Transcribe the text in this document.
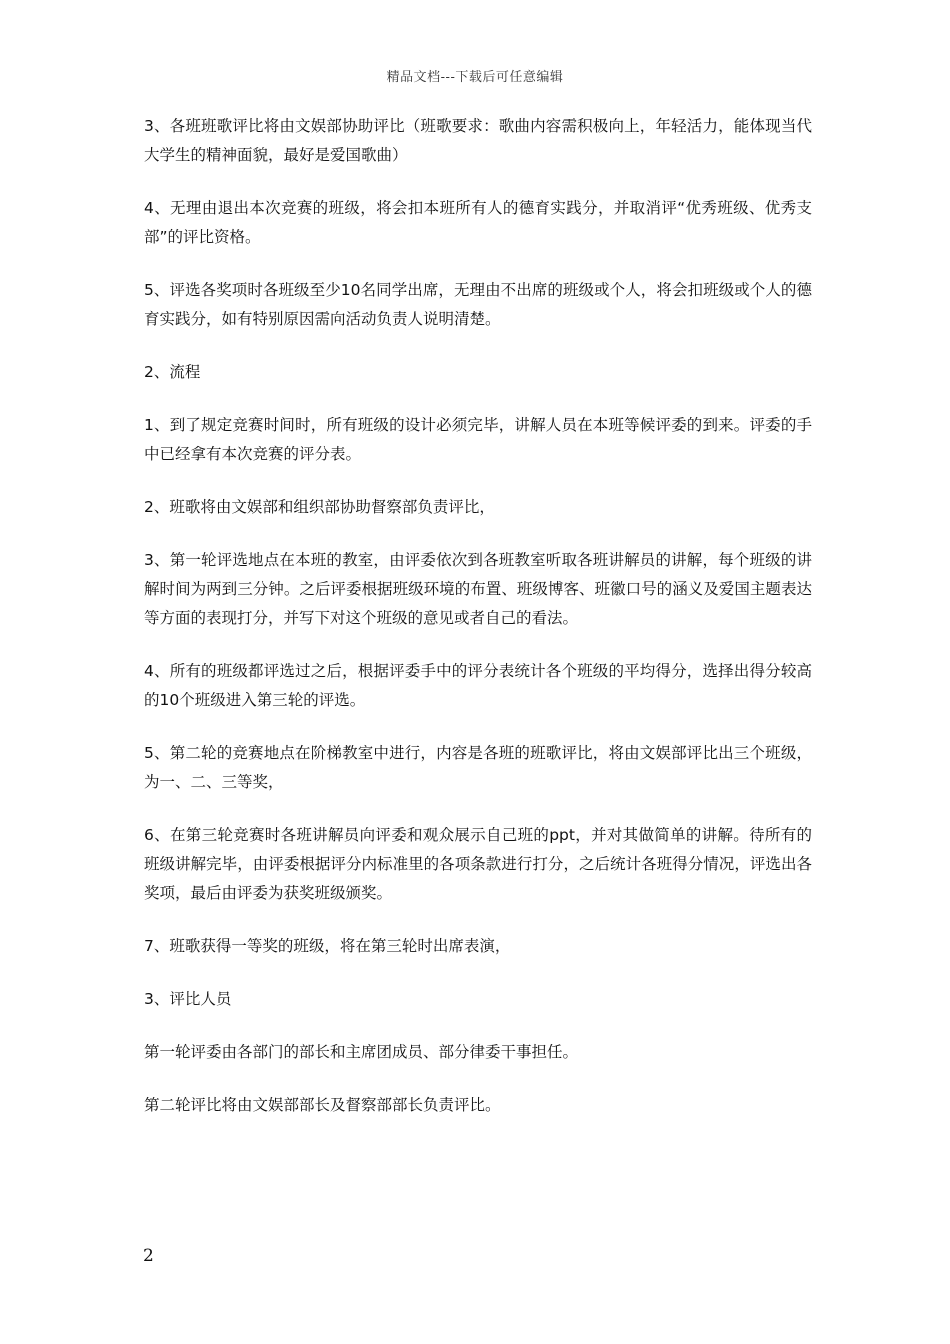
精品文档---下载后可任意编辑

3、各班班歌评比将由文娱部协助评比（班歌要求：歌曲内容需积极向上，年轻活力，能体现当代大学生的精神面貌，最好是爱国歌曲）

4、无理由退出本次竞赛的班级，将会扣本班所有人的德育实践分，并取消评“优秀班级、优秀支部”的评比资格。

5、评选各奖项时各班级至少10名同学出席，无理由不出席的班级或个人，将会扣班级或个人的德育实践分，如有特别原因需向活动负责人说明清楚。

2、流程

1、到了规定竞赛时间时，所有班级的设计必须完毕，讲解人员在本班等候评委的到来。评委的手中已经拿有本次竞赛的评分表。

2、班歌将由文娱部和组织部协助督察部负责评比，

3、第一轮评选地点在本班的教室，由评委依次到各班教室听取各班讲解员的讲解，每个班级的讲解时间为两到三分钟。之后评委根据班级环境的布置、班级博客、班徽口号的涵义及爱国主题表达等方面的表现打分，并写下对这个班级的意见或者自己的看法。

4、所有的班级都评选过之后，根据评委手中的评分表统计各个班级的平均得分，选择出得分较高的10个班级进入第三轮的评选。

5、第二轮的竞赛地点在阶梯教室中进行，内容是各班的班歌评比，将由文娱部评比出三个班级，为一、二、三等奖，

6、在第三轮竞赛时各班讲解员向评委和观众展示自己班的ppt，并对其做简单的讲解。待所有的班级讲解完毕，由评委根据评分内标准里的各项条款进行打分，之后统计各班得分情况，评选出各奖项，最后由评委为获奖班级颁奖。

7、班歌获得一等奖的班级，将在第三轮时出席表演，

3、评比人员

第一轮评委由各部门的部长和主席团成员、部分律委干事担任。

第二轮评比将由文娱部部长及督察部部长负责评比。

2
